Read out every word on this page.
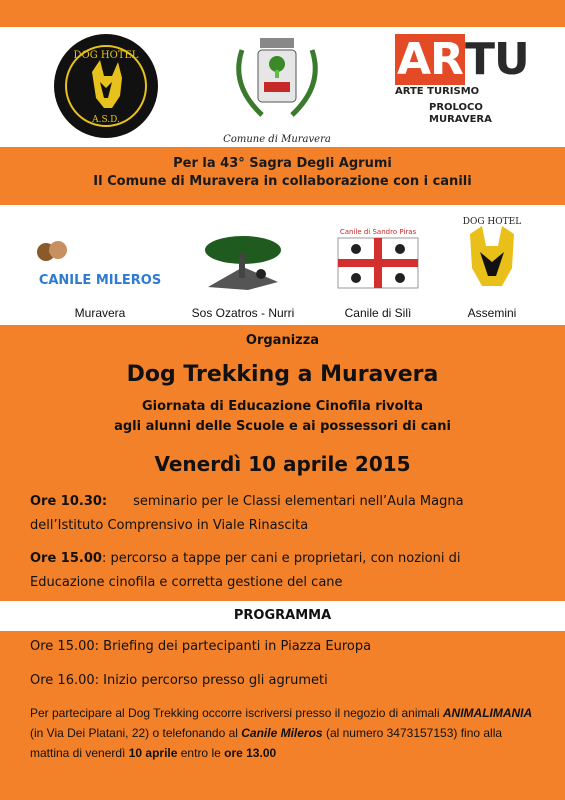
DOG HOTEL
A.S.D.
Comune di Muravera
ARTU
ARTE TURISMO
PROLOCO MURAVERA
Per la 43° Sagra Degli Agrumi
Il Comune di Muravera in collaborazione con i canili
CANILE MILEROS
Muravera	Sos Ozatros - Nurri
Canile di Sandro Piras
Canile di Silì
DOG HOTEL
Assemini
Organizza
Dog Trekking a Muravera
Giornata di Educazione Cinofila rivolta
agli alunni delle Scuole e ai possessori di cani
Venerdì 10 aprile 2015
Ore 10.30: seminario per le Classi elementari nell’Aula Magna
dell’Istituto Comprensivo in Viale Rinascita
Ore 15.00: percorso a tappe per cani e proprietari, con nozioni di
Educazione cinofila e corretta gestione del cane
PROGRAMMA
Ore 15.00: Briefing dei partecipanti in Piazza Europa
Ore 16.00: Inizio percorso presso gli agrumeti
Per partecipare al Dog Trekking occorre iscriversi presso il negozio di animali ANIMALIMANIA (in Via Dei Platani, 22) o telefonando al Canile Mileros (al numero 3473157153) fino alla mattina di venerdì 10 aprile entro le ore 13.00
